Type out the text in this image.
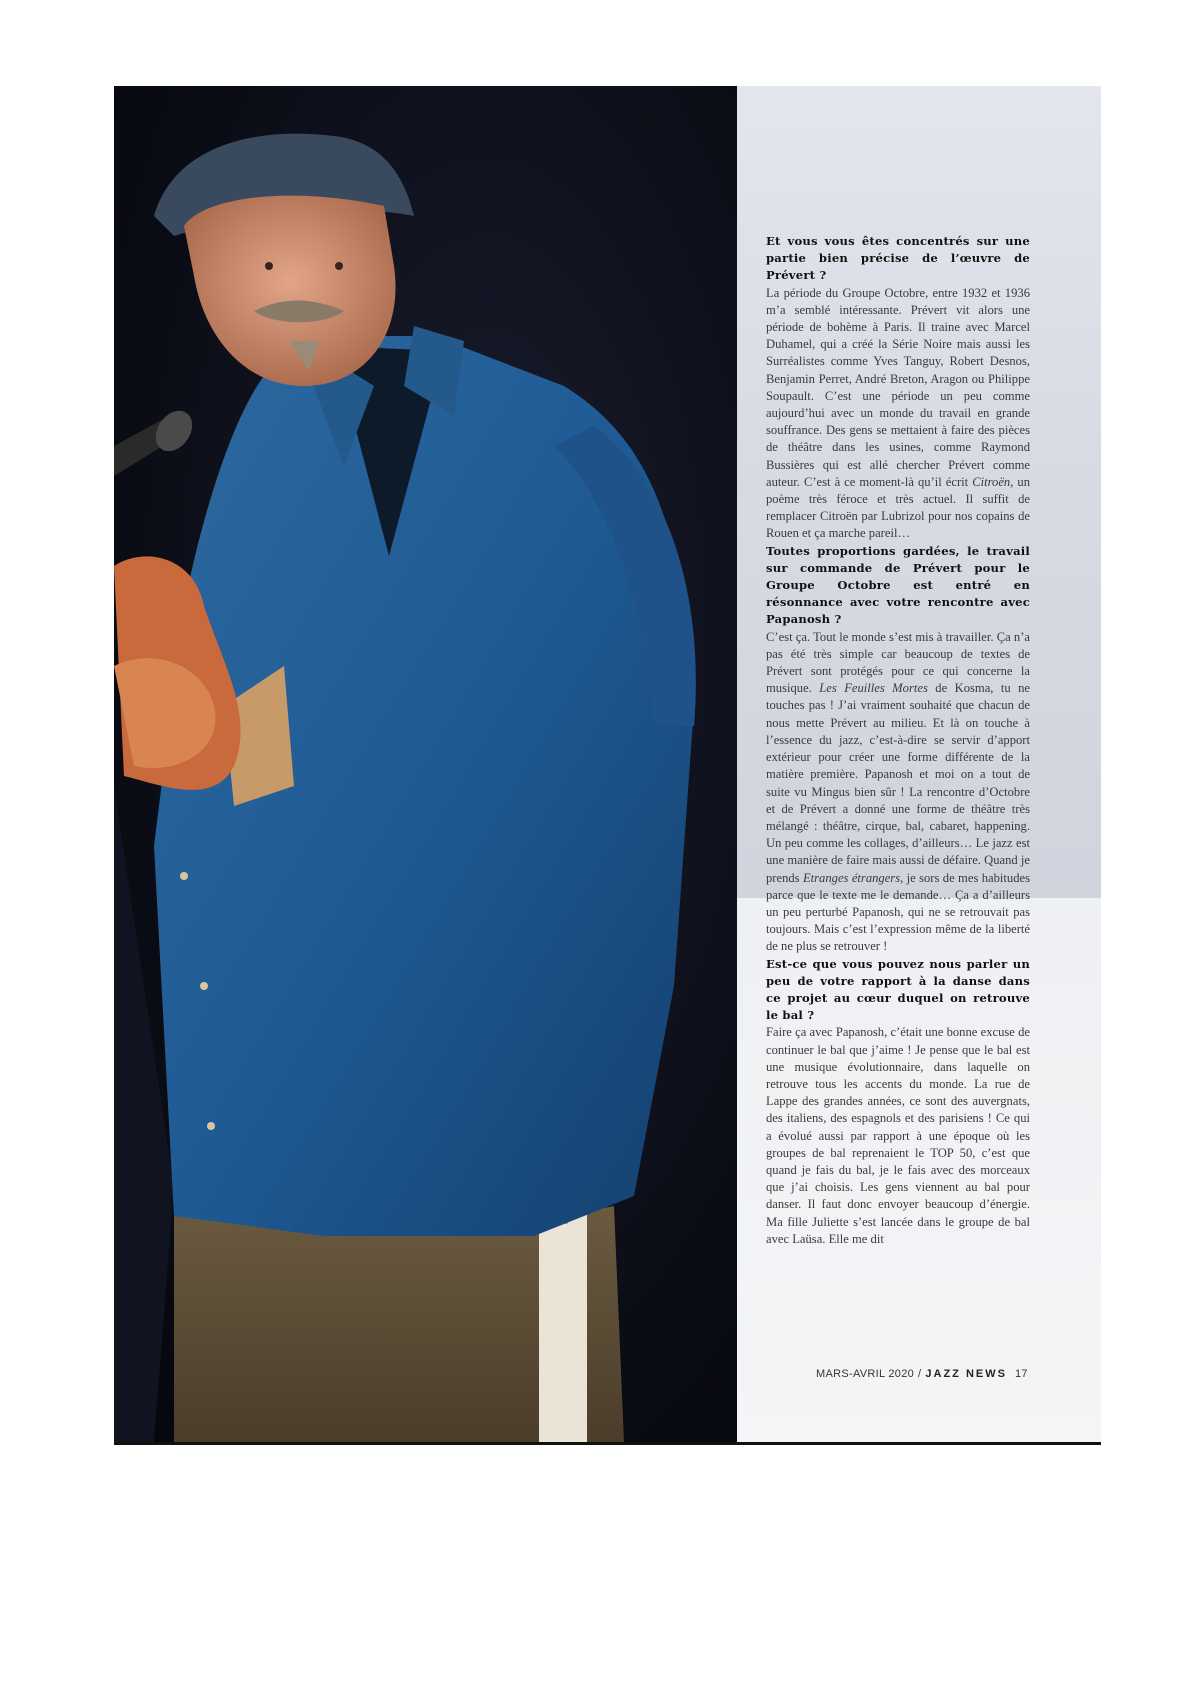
Et vous vous êtes concentrés sur une partie bien précise de l’œuvre de Prévert ?

La période du Groupe Octobre, entre 1932 et 1936 m’a semblé intéressante. Prévert vit alors une période de bohème à Paris. Il traine avec Marcel Duhamel, qui a créé la Série Noire mais aussi les Surréalistes comme Yves Tanguy, Robert Desnos, Benjamin Perret, André Breton, Aragon ou Philippe Soupault. C’est une période un peu comme aujourd’hui avec un monde du travail en grande souffrance. Des gens se mettaient à faire des pièces de théâtre dans les usines, comme Raymond Bussières qui est allé chercher Prévert comme auteur. C’est à ce moment-là qu’il écrit Citroën, un poème très féroce et très actuel. Il suffit de remplacer Citroën par Lubrizol pour nos copains de Rouen et ça marche pareil…

Toutes proportions gardées, le travail sur commande de Prévert pour le Groupe Octobre est entré en résonnance avec votre rencontre avec Papanosh ?

C’est ça. Tout le monde s’est mis à travailler. Ça n’a pas été très simple car beaucoup de textes de Prévert sont protégés pour ce qui concerne la musique. Les Feuilles Mortes de Kosma, tu ne touches pas ! J’ai vraiment souhaité que chacun de nous mette Prévert au milieu. Et là on touche à l’essence du jazz, c’est-à-dire se servir d’apport extérieur pour créer une forme différente de la matière première. Papanosh et moi on a tout de suite vu Mingus bien sûr ! La rencontre d’Octobre et de Prévert a donné une forme de théâtre très mélangé : théâtre, cirque, bal, cabaret, happening. Un peu comme les collages, d’ailleurs… Le jazz est une manière de faire mais aussi de défaire. Quand je prends Etranges étrangers, je sors de mes habitudes parce que le texte me le demande… Ça a d’ailleurs un peu perturbé Papanosh, qui ne se retrouvait pas toujours. Mais c’est l’expression même de la liberté de ne plus se retrouver !

Est-ce que vous pouvez nous parler un peu de votre rapport à la danse dans ce projet au cœur duquel on retrouve le bal ?

Faire ça avec Papanosh, c’était une bonne excuse de continuer le bal que j’aime ! Je pense que le bal est une musique évolutionnaire, dans laquelle on retrouve tous les accents du monde. La rue de Lappe des grandes années, ce sont des auvergnats, des italiens, des espagnols et des parisiens ! Ce qui a évolué aussi par rapport à une époque où les groupes de bal reprenaient le TOP 50, c’est que quand je fais du bal, je le fais avec des morceaux que j’ai choisis. Les gens viennent au bal pour danser. Il faut donc envoyer beaucoup d’énergie. Ma fille Juliette s’est lancée dans le groupe de bal avec Laüsa. Elle me dit

MARS-AVRIL 2020 / JAZZ NEWS 17
